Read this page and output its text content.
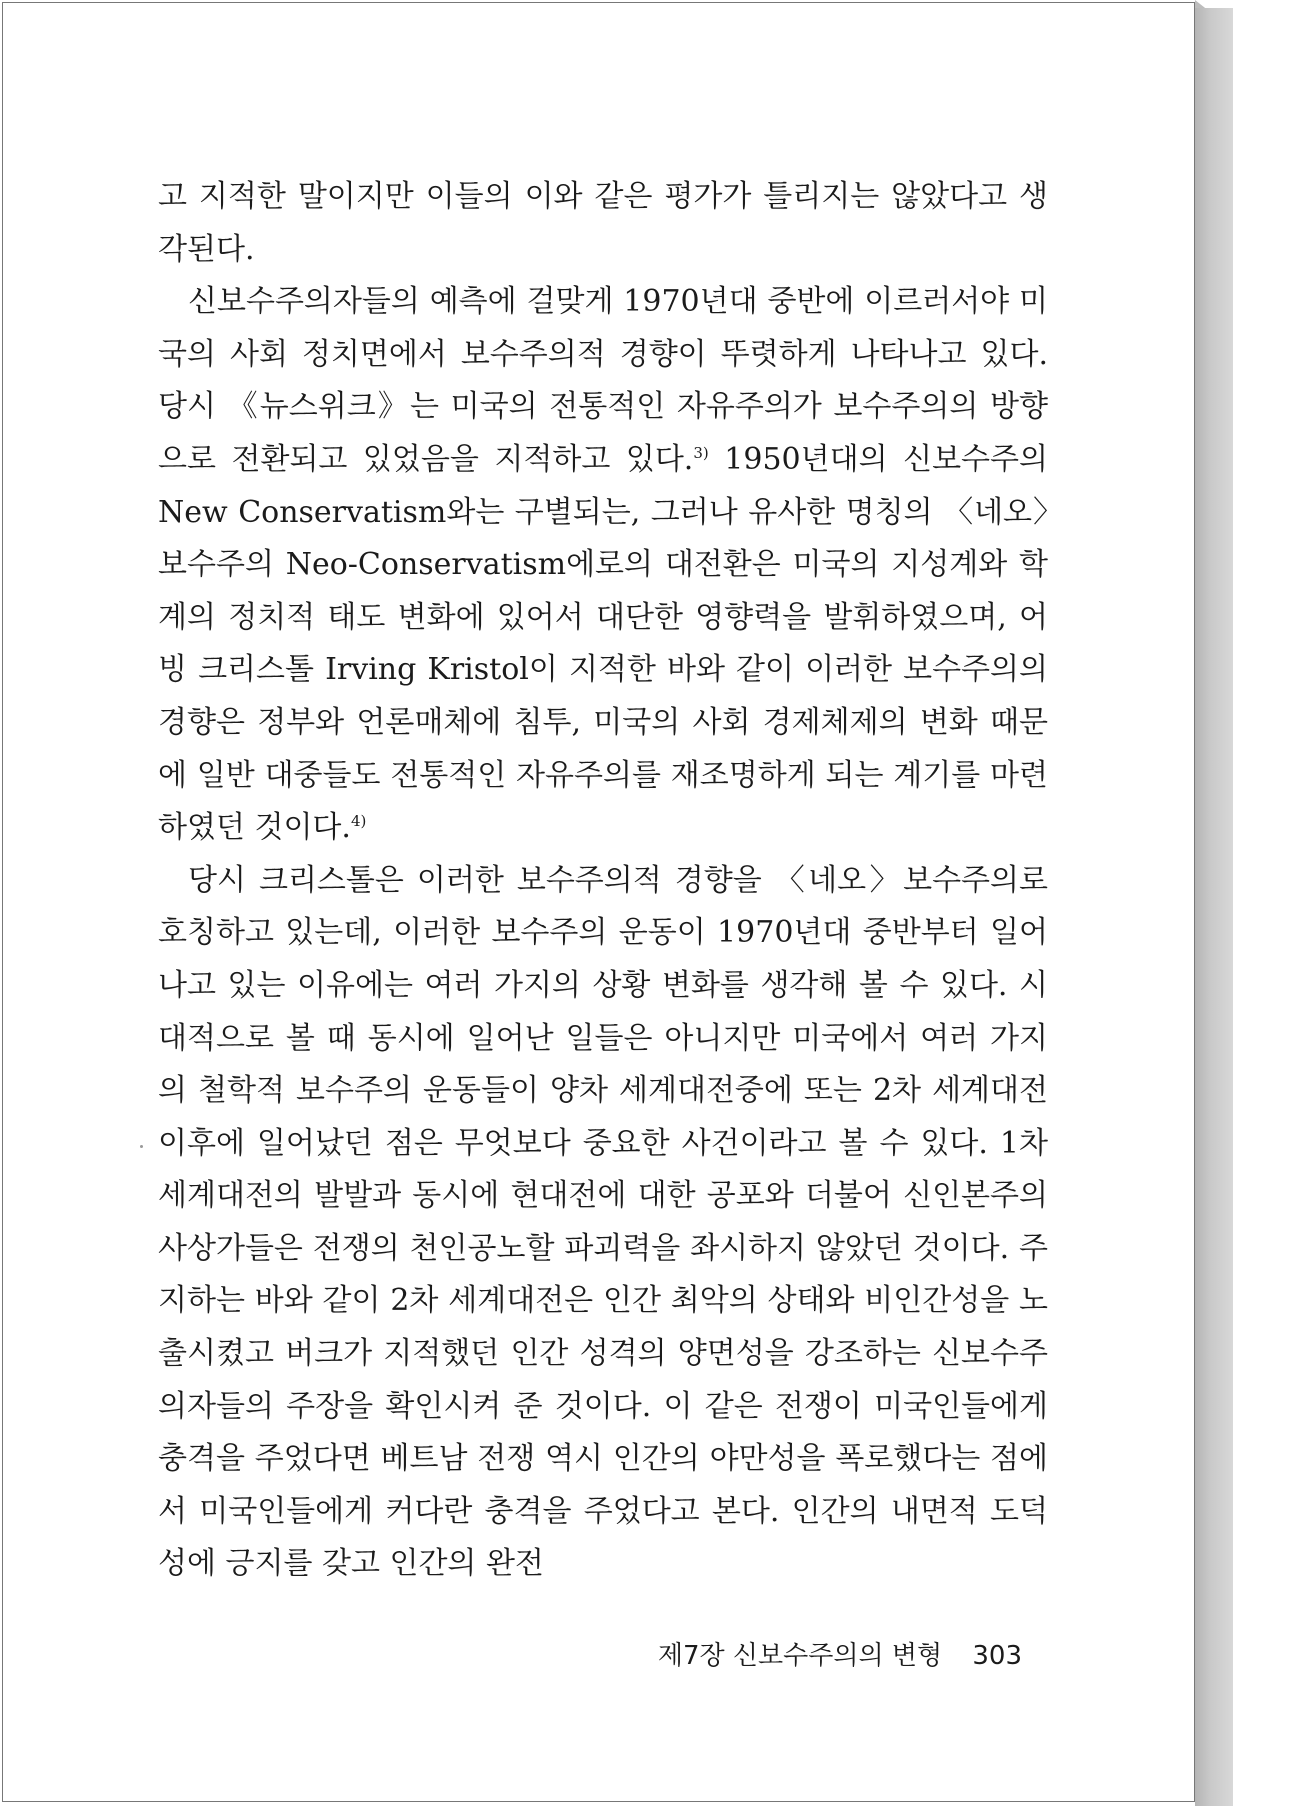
고 지적한 말이지만 이들의 이와 같은 평가가 틀리지는 않았다고 생각된다.

신보수주의자들의 예측에 걸맞게 1970년대 중반에 이르러서야 미국의 사회 정치면에서 보수주의적 경향이 뚜렷하게 나타나고 있다. 당시 《뉴스위크》는 미국의 전통적인 자유주의가 보수주의의 방향으로 전환되고 있었음을 지적하고 있다.$^{3)}$ 1950년대의 신보수주의 New Conservatism와는 구별되는, 그러나 유사한 명칭의 〈네오〉보수주의 Neo-Conservatism에로의 대전환은 미국의 지성계와 학계의 정치적 태도 변화에 있어서 대단한 영향력을 발휘하였으며, 어빙 크리스톨 Irving Kristol이 지적한 바와 같이 이러한 보수주의의 경향은 정부와 언론매체에 침투, 미국의 사회 경제체제의 변화 때문에 일반 대중들도 전통적인 자유주의를 재조명하게 되는 계기를 마련하였던 것이다.$^{4)}$

당시 크리스톨은 이러한 보수주의적 경향을 〈네오〉보수주의로 호칭하고 있는데, 이러한 보수주의 운동이 1970년대 중반부터 일어나고 있는 이유에는 여러 가지의 상황 변화를 생각해 볼 수 있다. 시대적으로 볼 때 동시에 일어난 일들은 아니지만 미국에서 여러 가지의 철학적 보수주의 운동들이 양차 세계대전중에 또는 2차 세계대전 이후에 일어났던 점은 무엇보다 중요한 사건이라고 볼 수 있다. 1차 세계대전의 발발과 동시에 현대전에 대한 공포와 더불어 신인본주의 사상가들은 전쟁의 천인공노할 파괴력을 좌시하지 않았던 것이다. 주지하는 바와 같이 2차 세계대전은 인간 최악의 상태와 비인간성을 노출시켰고 버크가 지적했던 인간 성격의 양면성을 강조하는 신보수주의자들의 주장을 확인시켜 준 것이다. 이 같은 전쟁이 미국인들에게 충격을 주었다면 베트남 전쟁 역시 인간의 야만성을 폭로했다는 점에서 미국인들에게 커다란 충격을 주었다고 본다. 인간의 내면적 도덕성에 긍지를 갖고 인간의 완전

제7장 신보수주의의 변형 303
